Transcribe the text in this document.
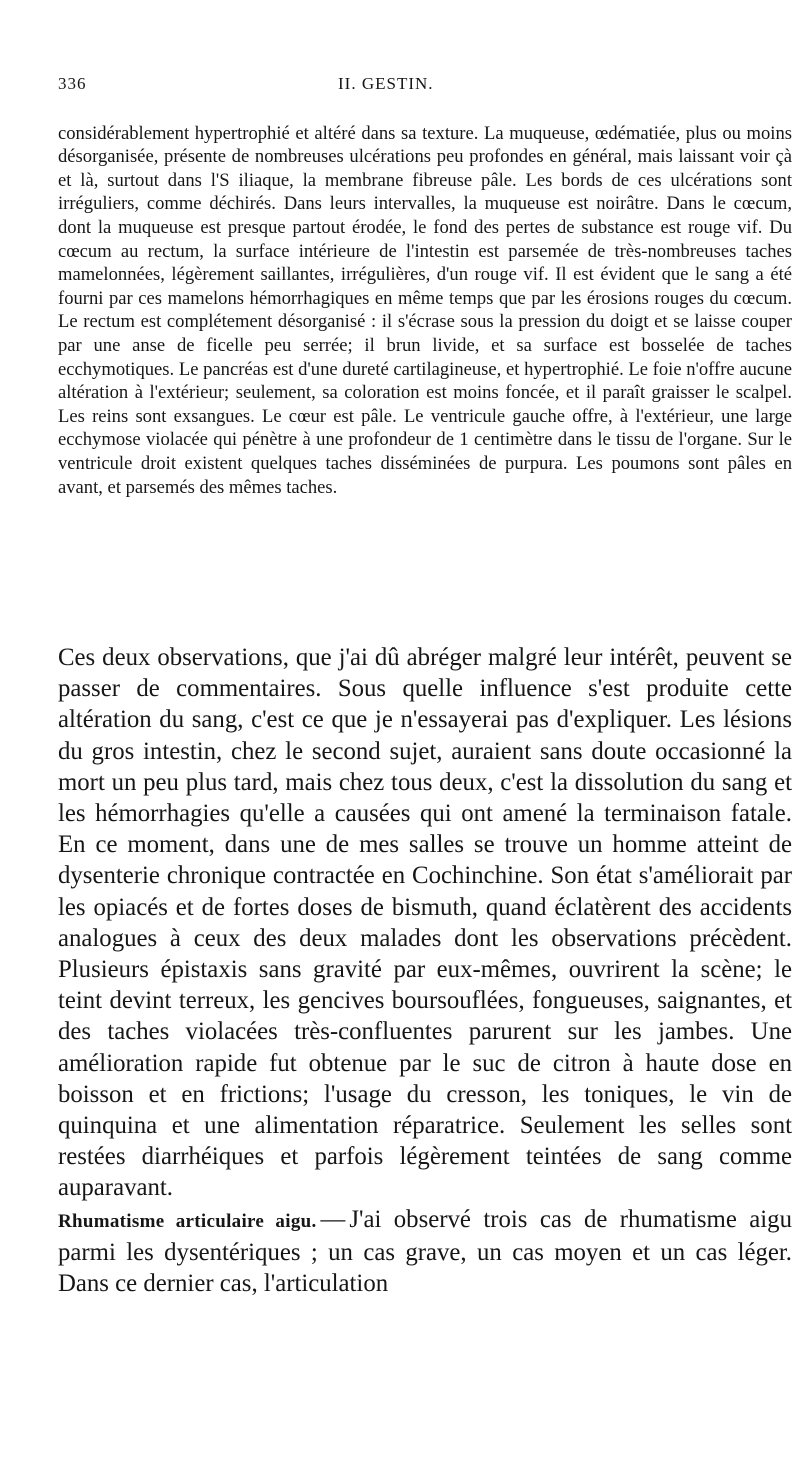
336	II. GESTIN.

considérablement hypertrophié et altéré dans sa texture. La muqueuse, œdématiée, plus ou moins désorganisée, présente de nombreuses ulcérations peu profondes en général, mais laissant voir çà et là, surtout dans l'S iliaque, la membrane fibreuse pâle. Les bords de ces ulcérations sont irréguliers, comme déchirés. Dans leurs intervalles, la muqueuse est noirâtre. Dans le cœcum, dont la muqueuse est presque partout érodée, le fond des pertes de substance est rouge vif. Du cœcum au rectum, la surface intérieure de l'intestin est parsemée de très-nombreuses taches mamelonnées, légèrement saillantes, irrégulières, d'un rouge vif. Il est évident que le sang a été fourni par ces mamelons hémorrhagiques en même temps que par les érosions rouges du cœcum. Le rectum est complétement désorganisé : il s'écrase sous la pression du doigt et se laisse couper par une anse de ficelle peu serrée; il brun livide, et sa surface est bosselée de taches ecchymotiques. Le pancréas est d'une dureté cartilagineuse, et hypertrophié. Le foie n'offre aucune altération à l'extérieur; seulement, sa coloration est moins foncée, et il paraît graisser le scalpel. Les reins sont exsangues. Le cœur est pâle. Le ventricule gauche offre, à l'extérieur, une large ecchymose violacée qui pénètre à une profondeur de 1 centimètre dans le tissu de l'organe. Sur le ventricule droit existent quelques taches disséminées de purpura. Les poumons sont pâles en avant, et parsemés des mêmes taches.

Ces deux observations, que j'ai dû abréger malgré leur intérêt, peuvent se passer de commentaires. Sous quelle influence s'est produite cette altération du sang, c'est ce que je n'essayerai pas d'expliquer. Les lésions du gros intestin, chez le second sujet, auraient sans doute occasionné la mort un peu plus tard, mais chez tous deux, c'est la dissolution du sang et les hémorrhagies qu'elle a causées qui ont amené la terminaison fatale. En ce moment, dans une de mes salles se trouve un homme atteint de dysenterie chronique contractée en Cochinchine. Son état s'améliorait par les opiacés et de fortes doses de bismuth, quand éclatèrent des accidents analogues à ceux des deux malades dont les observations précèdent. Plusieurs épistaxis sans gravité par eux-mêmes, ouvrirent la scène; le teint devint terreux, les gencives boursouflées, fongueuses, saignantes, et des taches violacées très-confluentes parurent sur les jambes. Une amélioration rapide fut obtenue par le suc de citron à haute dose en boisson et en frictions; l'usage du cresson, les toniques, le vin de quinquina et une alimentation réparatrice. Seulement les selles sont restées diarrhéiques et parfois légèrement teintées de sang comme auparavant.

Rhumatisme articulaire aigu. — J'ai observé trois cas de rhumatisme aigu parmi les dysentériques ; un cas grave, un cas moyen et un cas léger. Dans ce dernier cas, l'articulation
